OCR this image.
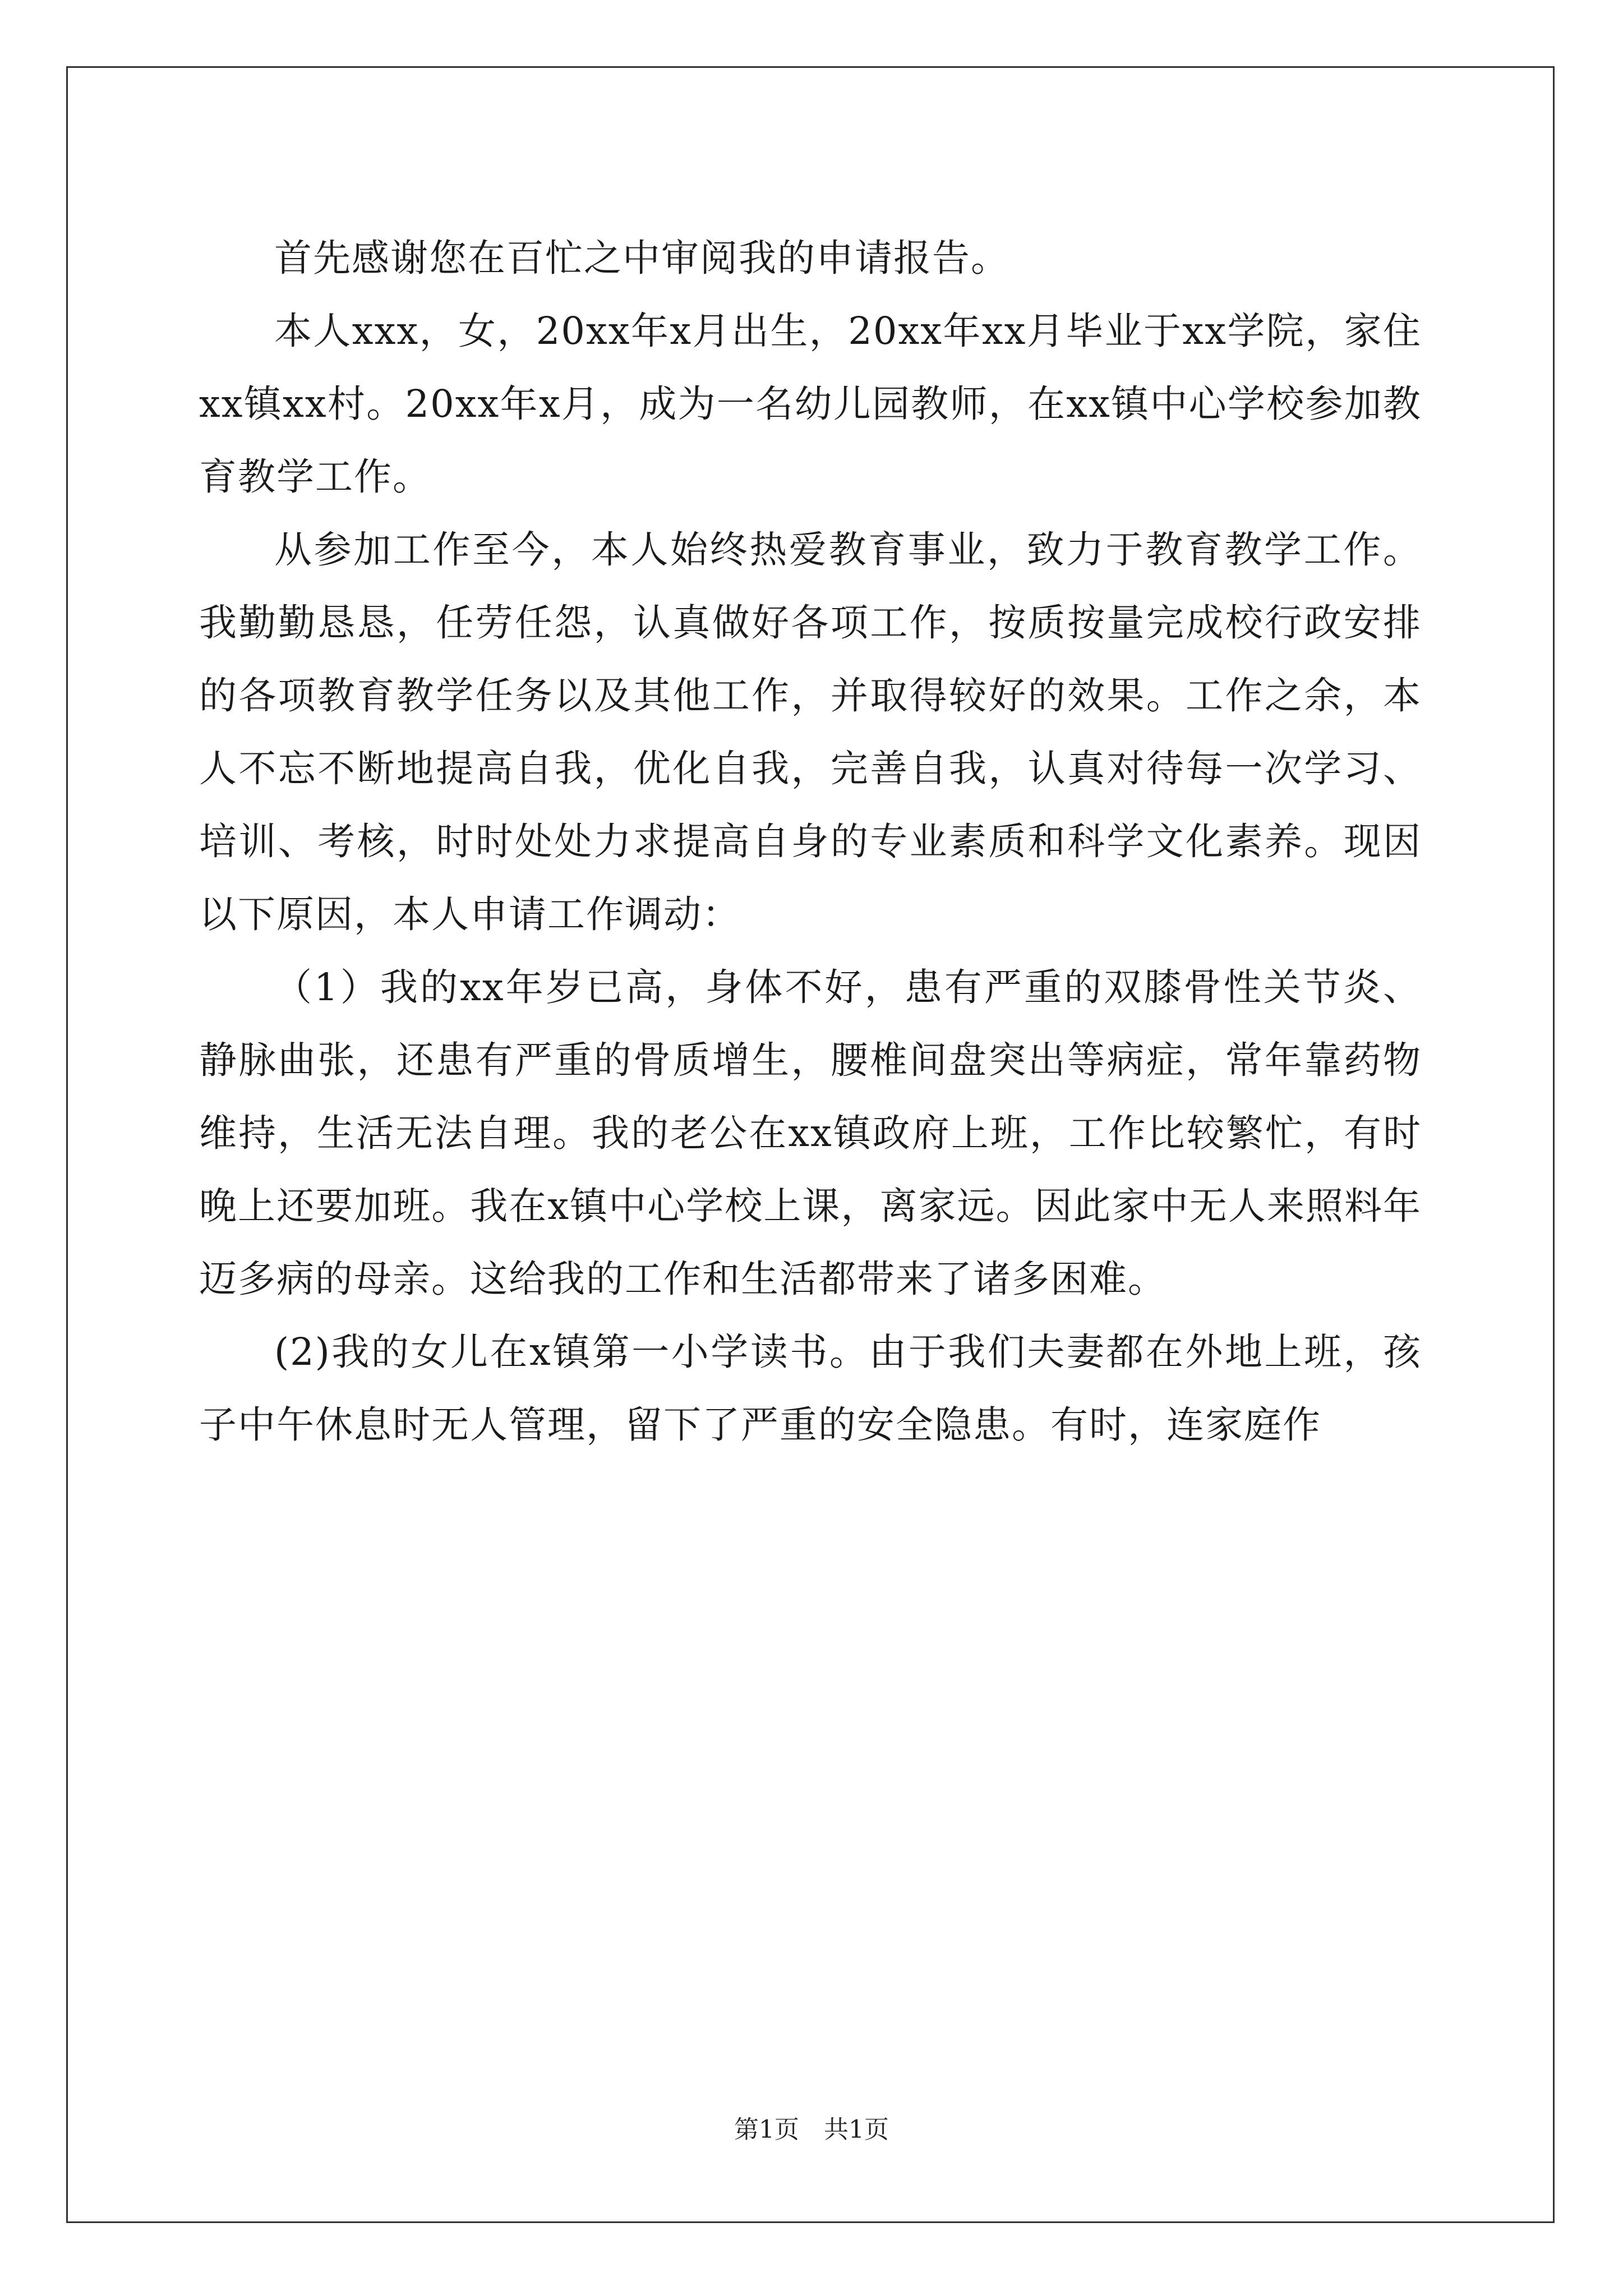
首先感谢您在百忙之中审阅我的申请报告。

本人xxx，女，20xx年x月出生，20xx年xx月毕业于xx学院，家住xx镇xx村。20xx年x月，成为一名幼儿园教师，在xx镇中心学校参加教育教学工作。

从参加工作至今，本人始终热爱教育事业，致力于教育教学工作。我勤勤恳恳，任劳任怨，认真做好各项工作，按质按量完成校行政安排的各项教育教学任务以及其他工作，并取得较好的效果。工作之余，本人不忘不断地提高自我，优化自我，完善自我，认真对待每一次学习、培训、考核，时时处处力求提高自身的专业素质和科学文化素养。现因以下原因，本人申请工作调动：

（1）我的xx年岁已高，身体不好，患有严重的双膝骨性关节炎、静脉曲张，还患有严重的骨质增生，腰椎间盘突出等病症，常年靠药物维持，生活无法自理。我的老公在xx镇政府上班，工作比较繁忙，有时晚上还要加班。我在x镇中心学校上课，离家远。因此家中无人来照料年迈多病的母亲。这给我的工作和生活都带来了诸多困难。

(2)我的女儿在x镇第一小学读书。由于我们夫妻都在外地上班，孩子中午休息时无人管理，留下了严重的安全隐患。有时，连家庭作

第1页　共1页
